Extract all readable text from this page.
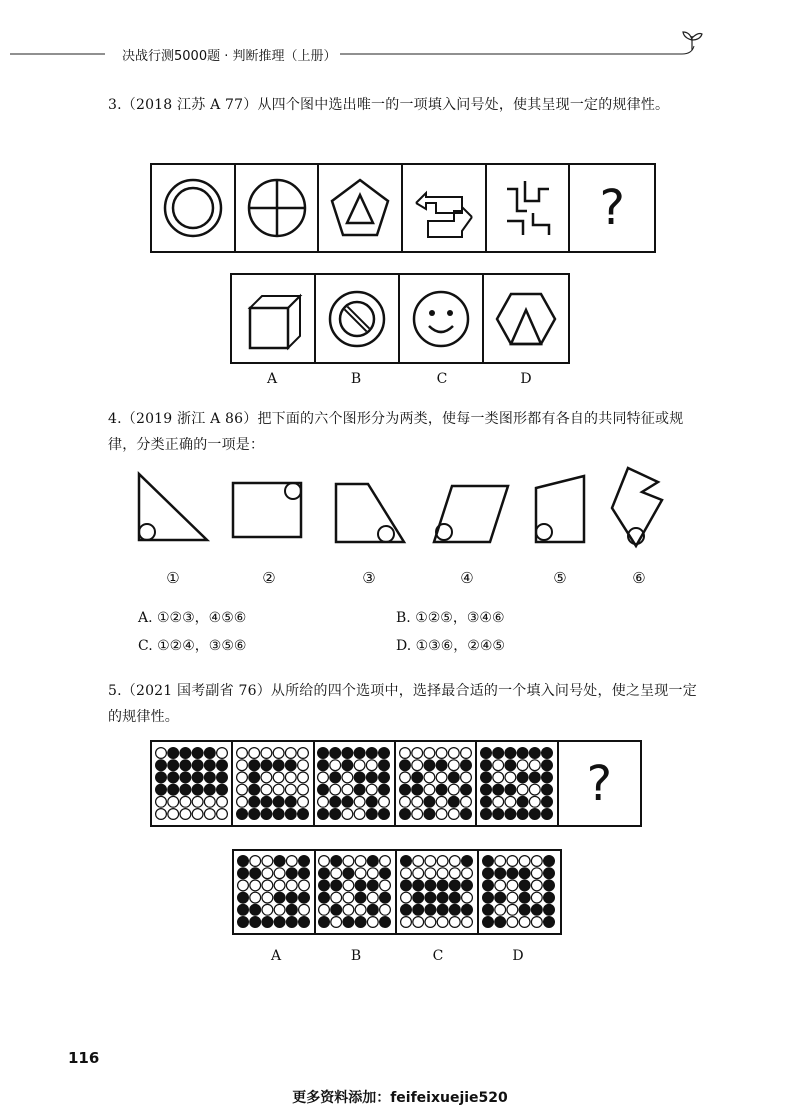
决战行测5000题 · 判断推理（上册）
3.（2018 江苏 A 77）从四个图中选出唯一的一项填入问号处，使其呈现一定的规律性。
?
A	B	C	D
4.（2019 浙江 A 86）把下面的六个图形分为两类，使每一类图形都有各自的共同特征或规律，分类正确的一项是：
①	②	③	④	⑤	⑥
A. ①②③，④⑤⑥	B. ①②⑤，③④⑥
C. ①②④，③⑤⑥	D. ①③⑥，②④⑤
5.（2021 国考副省 76）从所给的四个选项中，选择最合适的一个填入问号处，使之呈现一定的规律性。
?
A	B	C	D
116
更多资料添加：feifeixuejie520
